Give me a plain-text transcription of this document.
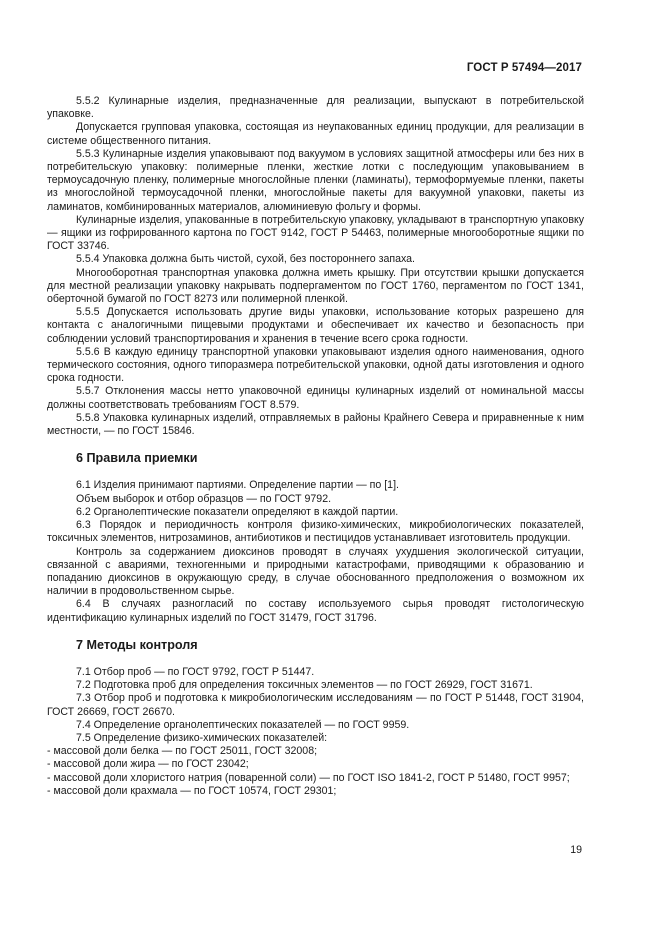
ГОСТ Р 57494—2017

5.5.2 Кулинарные изделия, предназначенные для реализации, выпускают в потребительской упаковке.

Допускается групповая упаковка, состоящая из неупакованных единиц продукции, для реализации в системе общественного питания.

5.5.3 Кулинарные изделия упаковывают под вакуумом в условиях защитной атмосферы или без них в потребительскую упаковку: полимерные пленки, жесткие лотки с последующим упаковыванием в термоусадочную пленку, полимерные многослойные пленки (ламинаты), термоформуемые пленки, пакеты из многослойной термоусадочной пленки, многослойные пакеты для вакуумной упаковки, пакеты из ламинатов, комбинированных материалов, алюминиевую фольгу и формы.

Кулинарные изделия, упакованные в потребительскую упаковку, укладывают в транспортную упаковку — ящики из гофрированного картона по ГОСТ 9142, ГОСТ Р 54463, полимерные многооборотные ящики по ГОСТ 33746.

5.5.4 Упаковка должна быть чистой, сухой, без постороннего запаха.

Многооборотная транспортная упаковка должна иметь крышку. При отсутствии крышки допускается для местной реализации упаковку накрывать подпергаментом по ГОСТ 1760, пергаментом по ГОСТ 1341, оберточной бумагой по ГОСТ 8273 или полимерной пленкой.

5.5.5 Допускается использовать другие виды упаковки, использование которых разрешено для контакта с аналогичными пищевыми продуктами и обеспечивает их качество и безопасность при соблюдении условий транспортирования и хранения в течение всего срока годности.

5.5.6 В каждую единицу транспортной упаковки упаковывают изделия одного наименования, одного термического состояния, одного типоразмера потребительской упаковки, одной даты изготовления и одного срока годности.

5.5.7 Отклонения массы нетто упаковочной единицы кулинарных изделий от номинальной массы должны соответствовать требованиям ГОСТ 8.579.

5.5.8 Упаковка кулинарных изделий, отправляемых в районы Крайнего Севера и приравненные к ним местности, — по ГОСТ 15846.

6 Правила приемки

6.1 Изделия принимают партиями. Определение партии — по [1].

Объем выборок и отбор образцов — по ГОСТ 9792.

6.2 Органолептические показатели определяют в каждой партии.

6.3 Порядок и периодичность контроля физико-химических, микробиологических показателей, токсичных элементов, нитрозаминов, антибиотиков и пестицидов устанавливает изготовитель продукции.

Контроль за содержанием диоксинов проводят в случаях ухудшения экологической ситуации, связанной с авариями, техногенными и природными катастрофами, приводящими к образованию и попаданию диоксинов в окружающую среду, в случае обоснованного предположения о возможном их наличии в продовольственном сырье.

6.4 В случаях разногласий по составу используемого сырья проводят гистологическую идентификацию кулинарных изделий по ГОСТ 31479, ГОСТ 31796.

7 Методы контроля

7.1 Отбор проб — по ГОСТ 9792, ГОСТ Р 51447.

7.2 Подготовка проб для определения токсичных элементов — по ГОСТ 26929, ГОСТ 31671.

7.3 Отбор проб и подготовка к микробиологическим исследованиям — по ГОСТ Р 51448, ГОСТ 31904, ГОСТ 26669, ГОСТ 26670.

7.4 Определение органолептических показателей — по ГОСТ 9959.

7.5 Определение физико-химических показателей:

- массовой доли белка — по ГОСТ 25011, ГОСТ 32008;

- массовой доли жира — по ГОСТ 23042;

- массовой доли хлористого натрия (поваренной соли) — по ГОСТ ISO 1841-2, ГОСТ Р 51480, ГОСТ 9957;

- массовой доли крахмала — по ГОСТ 10574, ГОСТ 29301;

19
